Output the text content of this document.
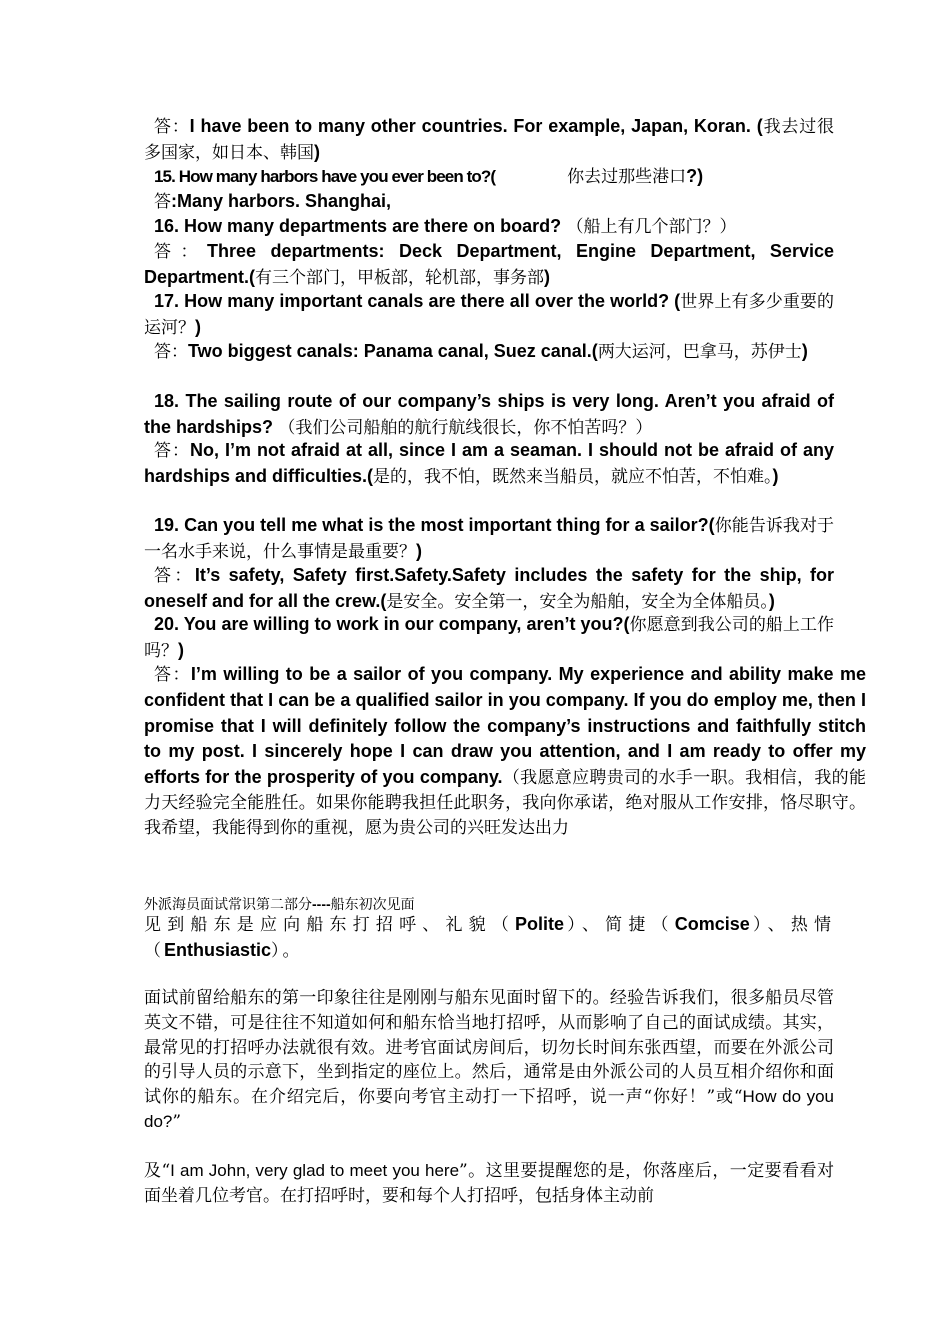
答：I have been to many other countries. For example, Japan, Koran. (我去过很多国家，如日本、韩国)

15. How many harbors have you ever been to?(	你去过那些港口?)

答:Many harbors. Shanghai,

16. How many departments are there on board? （船上有几个部门？）

答：Three departments: Deck Department, Engine Department, Service Department.(有三个部门，甲板部，轮机部，事务部)

17. How many important canals are there all over the world? (世界上有多少重要的运河？)

答：Two biggest canals: Panama canal, Suez canal.(两大运河，巴拿马，苏伊士)

18. The sailing route of our company’s ships is very long. Aren’t you afraid of the hardships? （我们公司船舶的航行航线很长，你不怕苦吗？）

答：No, I’m not afraid at all, since I am a seaman. I should not be afraid of any hardships and difficulties.(是的，我不怕，既然来当船员，就应不怕苦，不怕难。)

19. Can you tell me what is the most important thing for a sailor?(你能告诉我对于一名水手来说，什么事情是最重要？)

答：It’s safety, Safety first.Safety.Safety includes the safety for the ship, for oneself and for all the crew.(是安全。安全第一，安全为船舶，安全为全体船员。)

20. You are willing to work in our company, aren’t you?(你愿意到我公司的船上工作吗？)

答：I’m willing to be a sailor of you company. My experience and ability make me confident that I can be a qualified sailor in you company. If you do employ me, then I promise that I will definitely follow the company’s instructions and faithfully stitch to my post. I sincerely hope I can draw you attention, and I am ready to offer my efforts for the prosperity of you company.（我愿意应聘贵司的水手一职。我相信，我的能力天经验完全能胜任。如果你能聘我担任此职务，我向你承诺，绝对服从工作安排，恪尽职守。我希望，我能得到你的重视，愿为贵公司的兴旺发达出力

外派海员面试常识第二部分----船东初次见面

见到船东是应向船东打招呼、礼貌（Polite）、简捷（Comcise）、热情（Enthusiastic）。

面试前留给船东的第一印象往往是刚刚与船东见面时留下的。经验告诉我们，很多船员尽管英文不错，可是往往不知道如何和船东恰当地打招呼，从而影响了自己的面试成绩。其实，最常见的打招呼办法就很有效。进考官面试房间后，切勿长时间东张西望，而要在外派公司的引导人员的示意下，坐到指定的座位上。然后，通常是由外派公司的人员互相介绍你和面试你的船东。在介绍完后，你要向考官主动打一下招呼，说一声“你好！”或“How do you do?”

及“I am John, very glad to meet you here”。这里要提醒您的是，你落座后，一定要看看对面坐着几位考官。在打招呼时，要和每个人打招呼，包括身体主动前
